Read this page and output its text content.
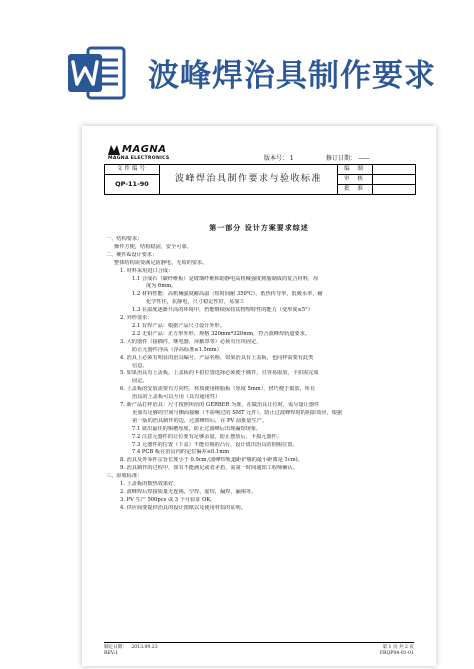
波峰焊治具制作要求
MAGNA
MAGNA ELECTRONICS	版本号： 1	修订日期： ------
文件编号	波峰焊治具制作要求与验收标准	编 制	
QP-11-90		审 核	
		批 准	
第一部分 设计方案要求综述
一、结构要求：
操作方便，结构稳固，安全可靠。
二、硬件&设计要求：
整体结构需要满足防静电、无铅的要求。
1. 材料采用进口合成：
1.1 合成石（碳纤维板）是玻璃纤维和防静电高机械强度树脂制成的复合材料，厚
度为 6mm。
1.2 材料性能：高机械强度耐高温（短时间耐 350℃），低热传导率，低吸水率，耐
化学性佳，抗静电，尺寸稳定性好，易加工
1.3 在温度逐渐升高的环境中，仍能继续保持其物理特性的能力（变形度≤5°）
2. 外形要求：
2.1 有焊产品：根据产品尺寸设计外形。
2.2 无铅产品：正方形外形，规格 320mm*320mm，符合波峰焊轨道要求。
3. 大的器件（接插件，继电器，屏蔽罩等）必须有压块固定，
防止元器件浮高（浮高标准≤1.5mm）
4. 治具上必须有明显的治具编号，产品名称，如果治具有上盖板，也同样需要有此类
信息。
5. 如果治具有上盖板，上盖板的卡扣位置选择必须便于插件，且容易取放，卡扣需完成
固定。
6. 上盖板的安放需要有方向性，材质使用树脂板（厚度 5mm），轻巧便于取放，所有
治具的上盖板可以互用（具有通用性）
7. 新产品打样治具：尺寸按照所给的 GERBER 为准，在做治具让位时，需尽量让器件
更加有足够的空间与侧面接触（不影响过的 SMT 元件），防止过波峰焊时的阴影效应，根据
第一版的治具制作的边，过波峰焊后，在 PV 前批量生产。
7.1 铣出最佳的锡槽厚度，防止过波峰后出现漏焊现象。
7.2 注意元器件的让位要有足够余量，防止摆放后，卡损元器件。
7.3 元器件的位置（下盖）不能有锡的凸台，设计铣出治具的倒锡位置。
7.4 PCB 板在治具内的定位偏差≤0.1mm
8. 治具及外零件宗旨长度小于 0.9cm,(波峰焊轨道距护墙的最小距离是 1cm)。
9. 治具制作的过程中，如有不能满足或者矛盾，需第一时间通知工程师确认。
三、验收标准：
1. 上盖板的数热效果好。
2. 波峰焊后焊接质量无连锡，空焊，虚焊，漏焊，漏锡等。
3. PV 生产 500pcs 或 3 个月验证 OK。
4. 供应商要提供治具的设计图纸以及使用材质的证明。
制定日期：   2013.09.23
REV:1
第 1 页 共 2 页
FRQP04-01-01
